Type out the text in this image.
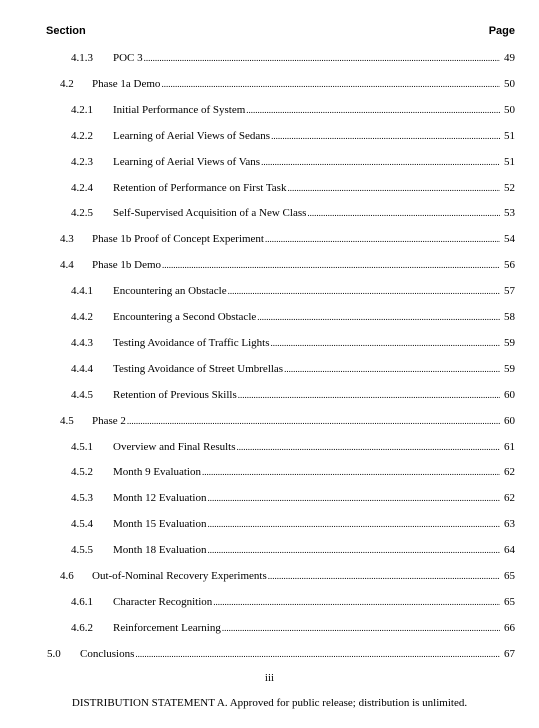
Section	Page
4.1.3 POC 3 .....	49
4.2 Phase 1a Demo .....	50
4.2.1 Initial Performance of System .....	50
4.2.2 Learning of Aerial Views of Sedans .....	51
4.2.3 Learning of Aerial Views of Vans .....	51
4.2.4 Retention of Performance on First Task .....	52
4.2.5 Self-Supervised Acquisition of a New Class .....	53
4.3 Phase 1b Proof of Concept Experiment .....	54
4.4 Phase 1b Demo .....	56
4.4.1 Encountering an Obstacle .....	57
4.4.2 Encountering a Second Obstacle .....	58
4.4.3 Testing Avoidance of Traffic Lights .....	59
4.4.4 Testing Avoidance of Street Umbrellas .....	59
4.4.5 Retention of Previous Skills .....	60
4.5 Phase 2 .....	60
4.5.1 Overview and Final Results .....	61
4.5.2 Month 9 Evaluation .....	62
4.5.3 Month 12 Evaluation .....	62
4.5.4 Month 15 Evaluation .....	63
4.5.5 Month 18 Evaluation .....	64
4.6 Out-of-Nominal Recovery Experiments .....	65
4.6.1 Character Recognition .....	65
4.6.2 Reinforcement Learning .....	66
5.0 Conclusions .....	67
iii
DISTRIBUTION STATEMENT A. Approved for public release; distribution is unlimited.
